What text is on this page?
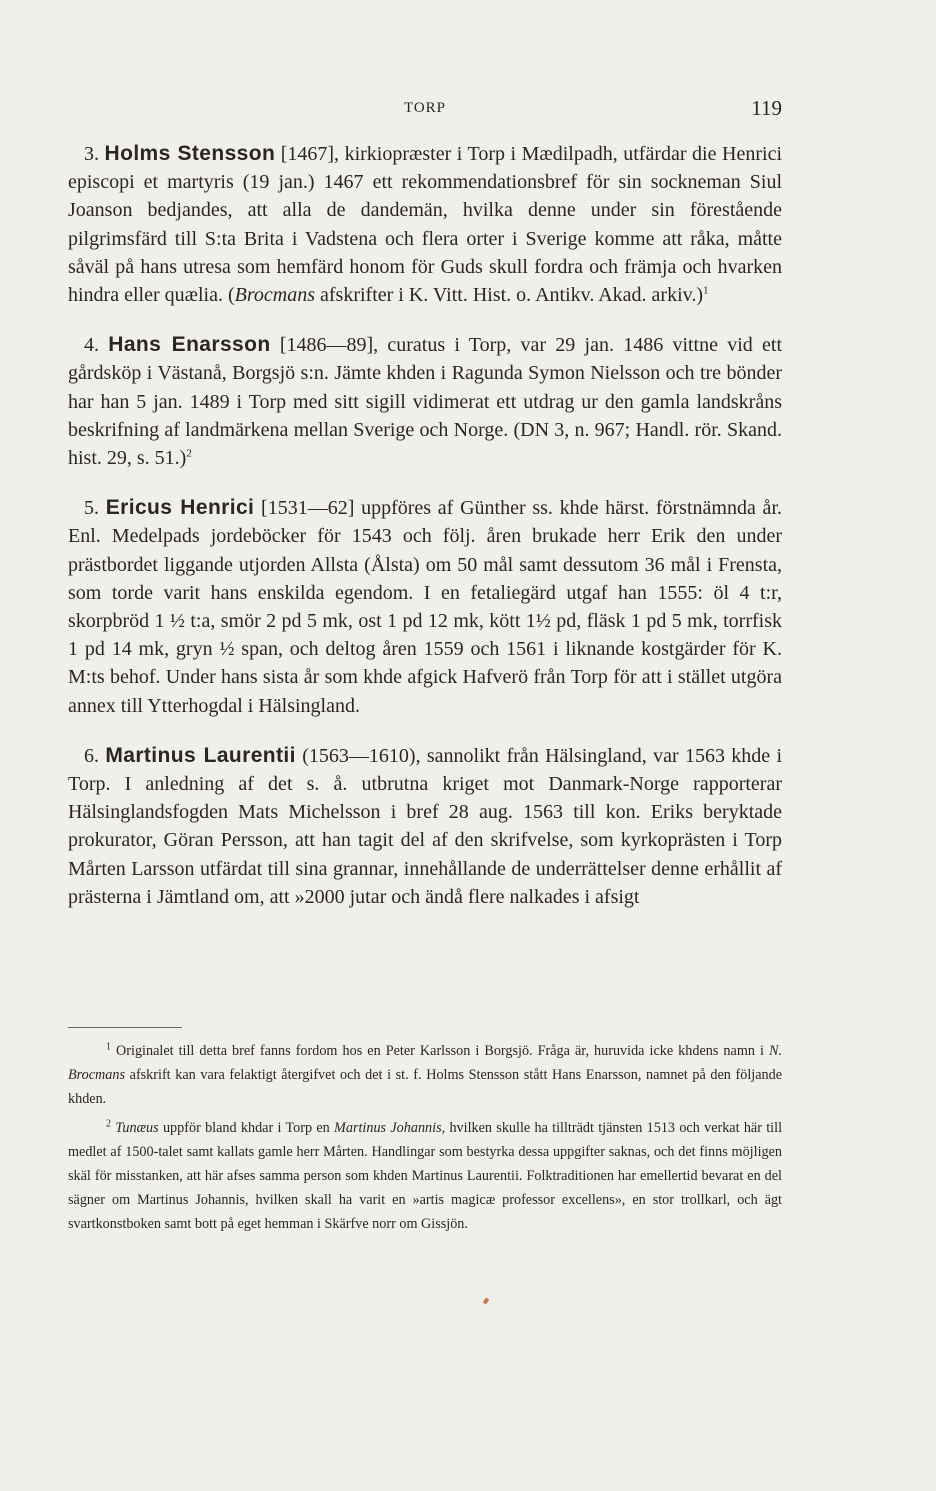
TORP	119

3. Holms Stensson [1467], kirkiopræster i Torp i Mædilpadh, utfärdar die Henrici episcopi et martyris (19 jan.) 1467 ett rekommendationsbref för sin sockneman Siul Joanson bedjandes, att alla de dandemän, hvilka denne under sin förestående pilgrimsfärd till S:ta Brita i Vadstena och flera orter i Sverige komme att råka, måtte såväl på hans utresa som hemfärd honom för Guds skull fordra och främja och hvarken hindra eller quælia. (Brocmans afskrifter i K. Vitt. Hist. o. Antikv. Akad. arkiv.)$^1$

4. Hans Enarsson [1486—89], curatus i Torp, var 29 jan. 1486 vittne vid ett gårdsköp i Västanå, Borgsjö s:n. Jämte khden i Ragunda Symon Nielsson och tre bönder har han 5 jan. 1489 i Torp med sitt sigill vidimerat ett utdrag ur den gamla landskråns beskrifning af landmärkena mellan Sverige och Norge. (DN 3, n. 967; Handl. rör. Skand. hist. 29, s. 51.)$^2$

5. Ericus Henrici [1531—62] uppföres af Günther ss. khde härst. förstnämnda år. Enl. Medelpads jordeböcker för 1543 och följ. åren brukade herr Erik den under prästbordet liggande utjorden Allsta (Ålsta) om 50 mål samt dessutom 36 mål i Frensta, som torde varit hans enskilda egendom. I en fetaliegärd utgaf han 1555: öl 4 t:r, skorpbröd 1 ½ t:a, smör 2 pd 5 mk, ost 1 pd 12 mk, kött 1½ pd, fläsk 1 pd 5 mk, torrfisk 1 pd 14 mk, gryn ½ span, och deltog åren 1559 och 1561 i liknande kostgärder för K. M:ts behof. Under hans sista år som khde afgick Hafverö från Torp för att i stället utgöra annex till Ytterhogdal i Hälsingland.

6. Martinus Laurentii (1563—1610), sannolikt från Hälsingland, var 1563 khde i Torp. I anledning af det s. å. utbrutna kriget mot Danmark-Norge rapporterar Hälsinglandsfogden Mats Michelsson i bref 28 aug. 1563 till kon. Eriks beryktade prokurator, Göran Persson, att han tagit del af den skrifvelse, som kyrkoprästen i Torp Mårten Larsson utfärdat till sina grannar, innehållande de underrättelser denne erhållit af prästerna i Jämtland om, att »2000 jutar och ändå flere nalkades i afsigt

$^1$ Originalet till detta bref fanns fordom hos en Peter Karlsson i Borgsjö. Fråga är, huruvida icke khdens namn i N. Brocmans afskrift kan vara felaktigt återgifvet och det i st. f. Holms Stensson stått Hans Enarsson, namnet på den följande khden.

$^2$ Tunæus uppför bland khdar i Torp en Martinus Johannis, hvilken skulle ha tillträdt tjänsten 1513 och verkat här till medlet af 1500-talet samt kallats gamle herr Mårten. Handlingar som bestyrka dessa uppgifter saknas, och det finns möjligen skäl för misstanken, att här afses samma person som khden Martinus Laurentii. Folktraditionen har emellertid bevarat en del sägner om Martinus Johannis, hvilken skall ha varit en »artis magicæ professor excellens», en stor trollkarl, och ägt svartkonstboken samt bott på eget hemman i Skärfve norr om Gissjön.
